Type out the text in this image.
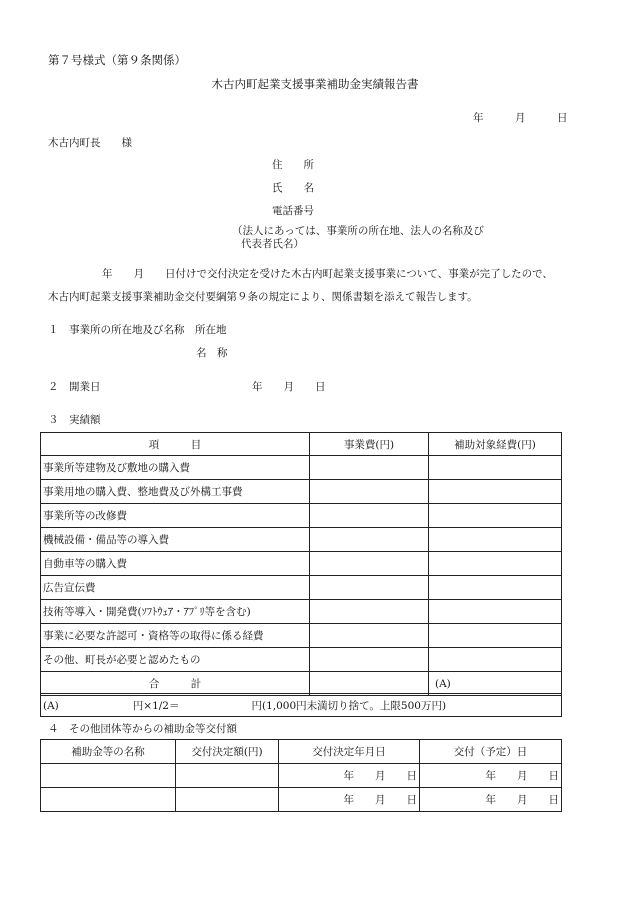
第７号様式（第９条関係）
木古内町起業支援事業補助金実績報告書
年　　　月　　　日
木古内町長　　様
住　　所
氏　　名
電話番号
（法人にあっては、事業所の所在地、法人の名称及び
代表者氏名）
年　　月　　日付けで交付決定を受けた木古内町起業支援事業について、事業が完了したので、
木古内町起業支援事業補助金交付要綱第９条の規定により、関係書類を添えて報告します。
１　事業所の所在地及び名称　所在地
名　称
２　開業日	年　　月　　日
３　実績額
項　　　目	事業費(円)	補助対象経費(円)
事業所等建物及び敷地の購入費		
事業用地の購入費、整地費及び外構工事費		
事業所等の改修費		
機械設備・備品等の導入費		
自動車等の購入費		
広告宣伝費		
技術等導入・開発費(ｿﾌﾄｳｪｱ・ｱﾌﾟﾘ等を含む)		
事業に必要な許認可・資格等の取得に係る経費		
その他、町長が必要と認めたもの		
合　　　計		(A)
(A)	円×1/2＝	円(1,000円未満切り捨て。上限500万円)
４　その他団体等からの補助金等交付額
補助金等の名称	交付決定額(円)	交付決定年月日	交付（予定）日
		年　　月　　日	年　　月　　日
		年　　月　　日	年　　月　　日
